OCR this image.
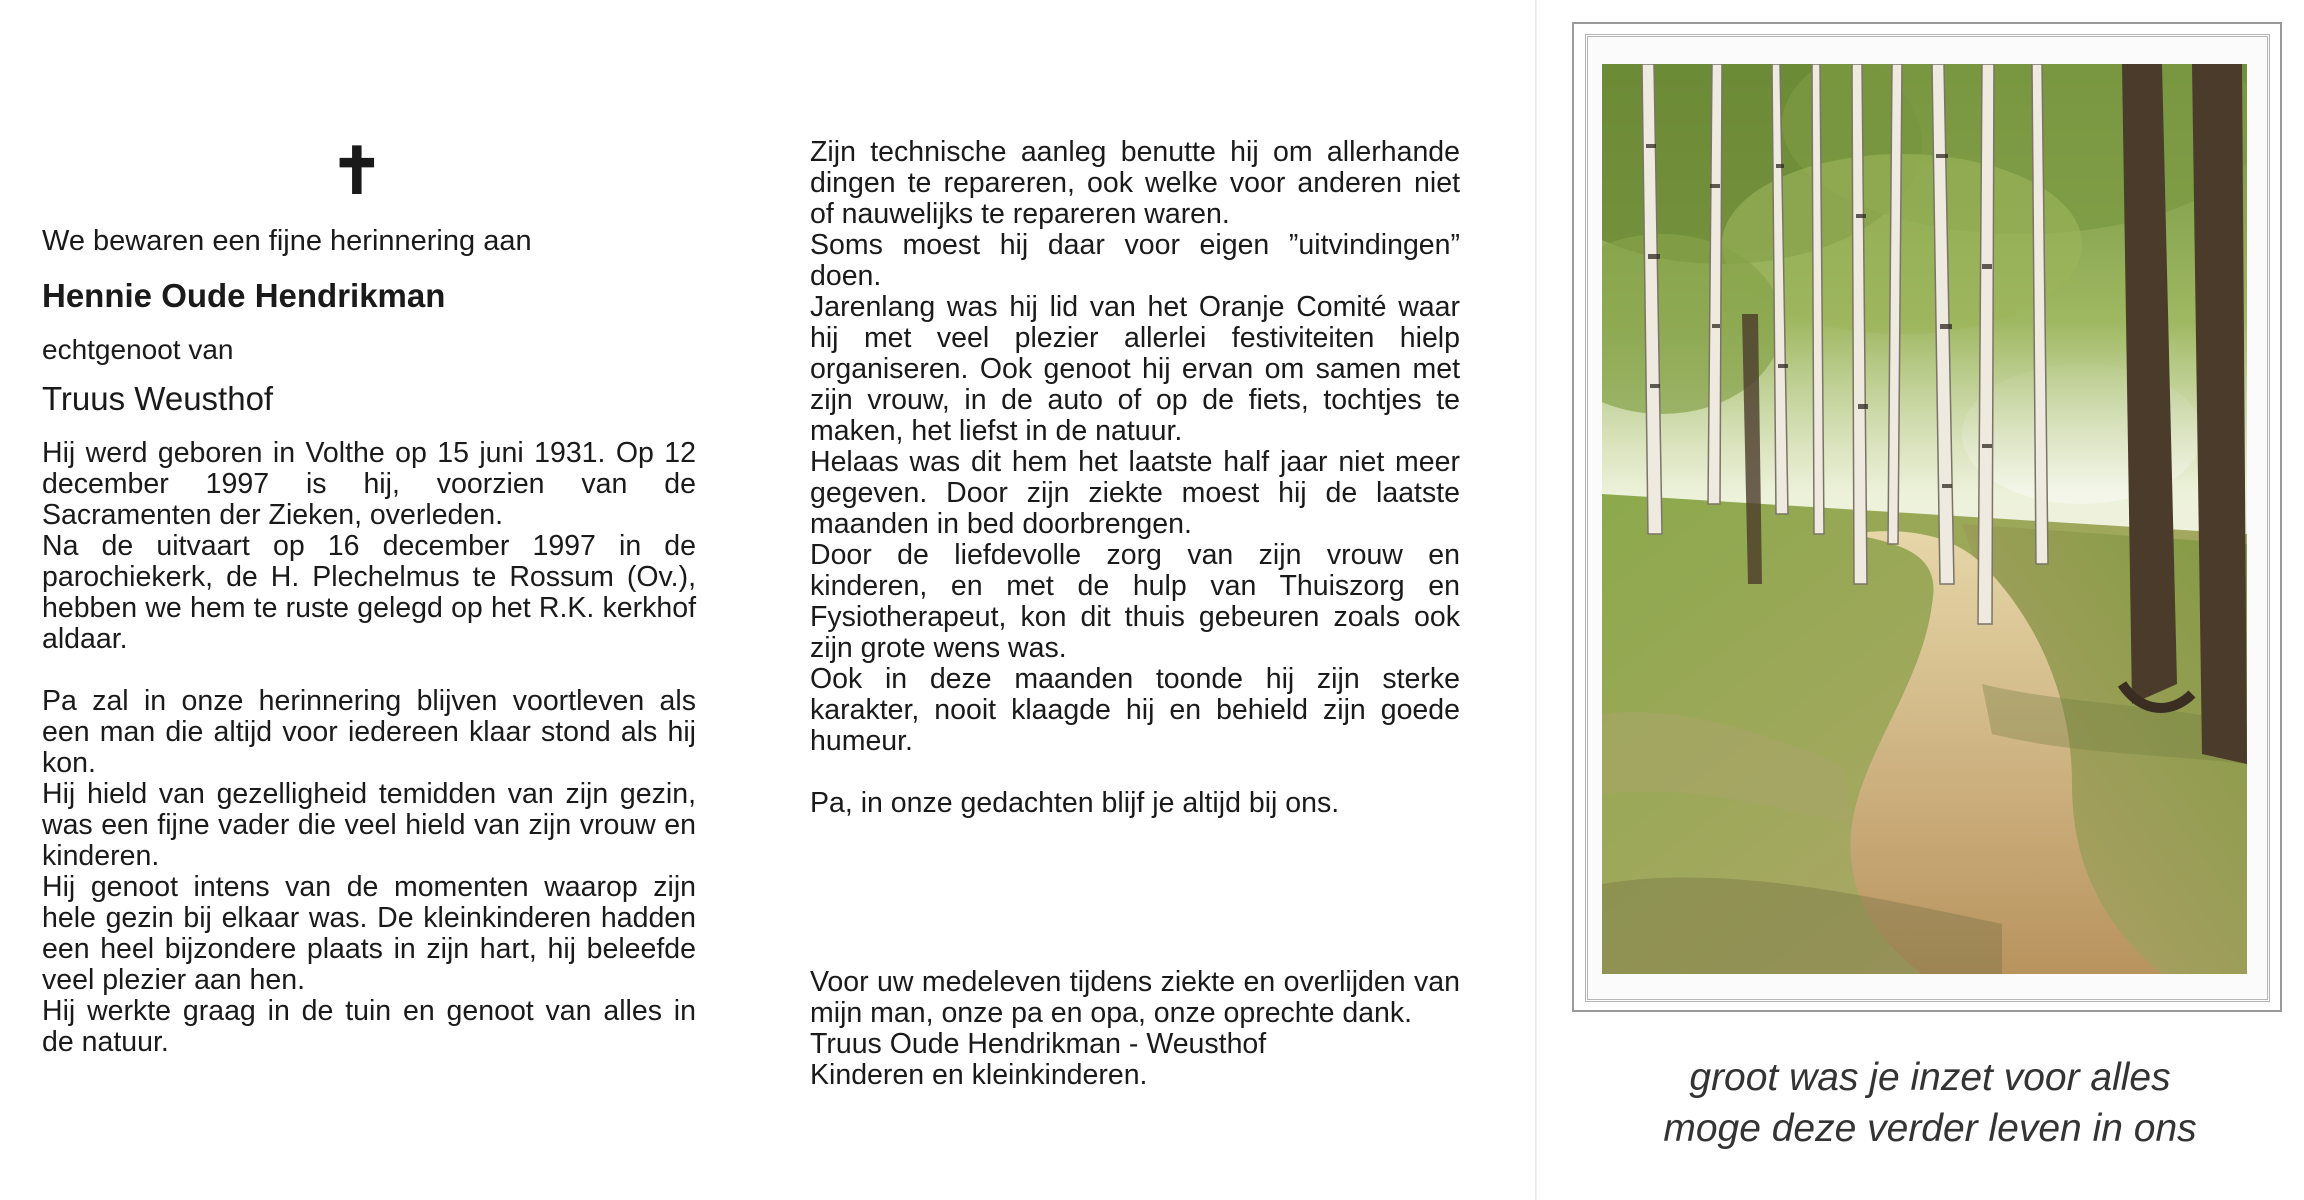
✝

We bewaren een fijne herinnering aan

Hennie Oude Hendrikman

echtgenoot van

Truus Weusthof

Hij werd geboren in Volthe op 15 juni 1931. Op 12 december 1997 is hij, voorzien van de Sacramenten der Zieken, overleden.

Na de uitvaart op 16 december 1997 in de parochiekerk, de H. Plechelmus te Rossum (Ov.), hebben we hem te ruste gelegd op het R.K. kerkhof aldaar.

Pa zal in onze herinnering blijven voortleven als een man die altijd voor iedereen klaar stond als hij kon.

Hij hield van gezelligheid temidden van zijn gezin, was een fijne vader die veel hield van zijn vrouw en kinderen.

Hij genoot intens van de momenten waarop zijn hele gezin bij elkaar was. De kleinkinderen hadden een heel bijzondere plaats in zijn hart, hij beleefde veel plezier aan hen.

Hij werkte graag in de tuin en genoot van alles in de natuur.

Zijn technische aanleg benutte hij om allerhande dingen te repareren, ook welke voor anderen niet of nauwelijks te repareren waren.

Soms moest hij daar voor eigen ”uitvindingen” doen.

Jarenlang was hij lid van het Oranje Comité waar hij met veel plezier allerlei festiviteiten hielp organiseren. Ook genoot hij ervan om samen met zijn vrouw, in de auto of op de fiets, tochtjes te maken, het liefst in de natuur.

Helaas was dit hem het laatste half jaar niet meer gegeven. Door zijn ziekte moest hij de laatste maanden in bed doorbrengen.

Door de liefdevolle zorg van zijn vrouw en kinderen, en met de hulp van Thuiszorg en Fysiotherapeut, kon dit thuis gebeuren zoals ook zijn grote wens was.

Ook in deze maanden toonde hij zijn sterke karakter, nooit klaagde hij en behield zijn goede humeur.

Pa, in onze gedachten blijf je altijd bij ons.

Voor uw medeleven tijdens ziekte en overlijden van mijn man, onze pa en opa, onze oprechte dank.

Truus Oude Hendrikman - Weusthof

Kinderen en kleinkinderen.	groot was je inzet voor alles
moge deze verder leven in ons
